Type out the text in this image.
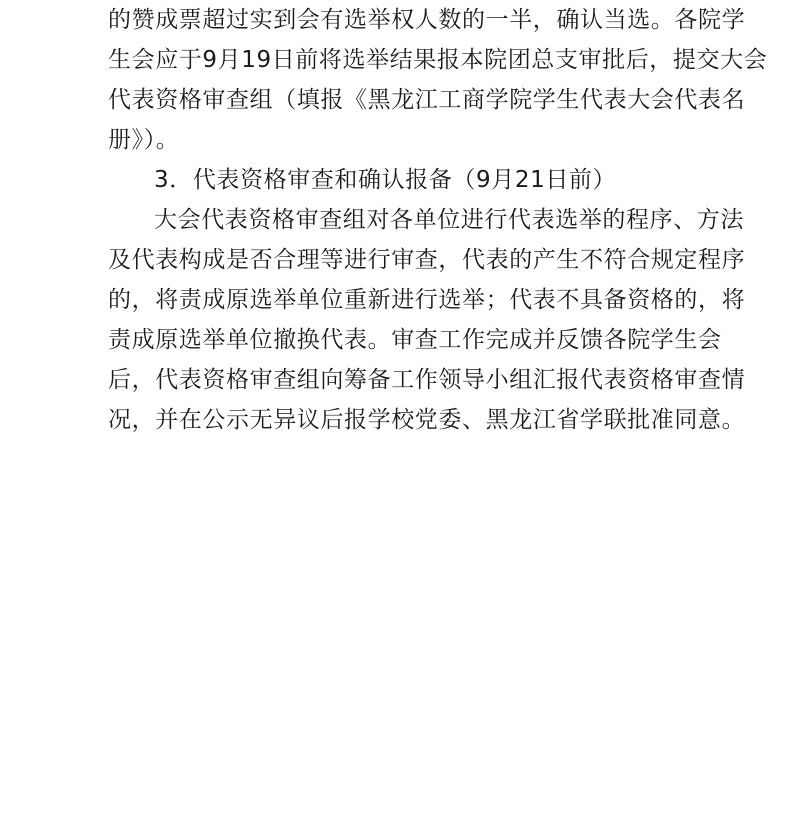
的赞成票超过实到会有选举权人数的一半，确认当选。各院学
生会应于9月19日前将选举结果报本院团总支审批后，提交大会
代表资格审查组（填报《黑龙江工商学院学生代表大会代表名
册》）。
3．代表资格审查和确认报备（9月21日前）
大会代表资格审查组对各单位进行代表选举的程序、方法
及代表构成是否合理等进行审查，代表的产生不符合规定程序
的，将责成原选举单位重新进行选举；代表不具备资格的，将
责成原选举单位撤换代表。审查工作完成并反馈各院学生会
后，代表资格审查组向筹备工作领导小组汇报代表资格审查情
况，并在公示无异议后报学校党委、黑龙江省学联批准同意。
